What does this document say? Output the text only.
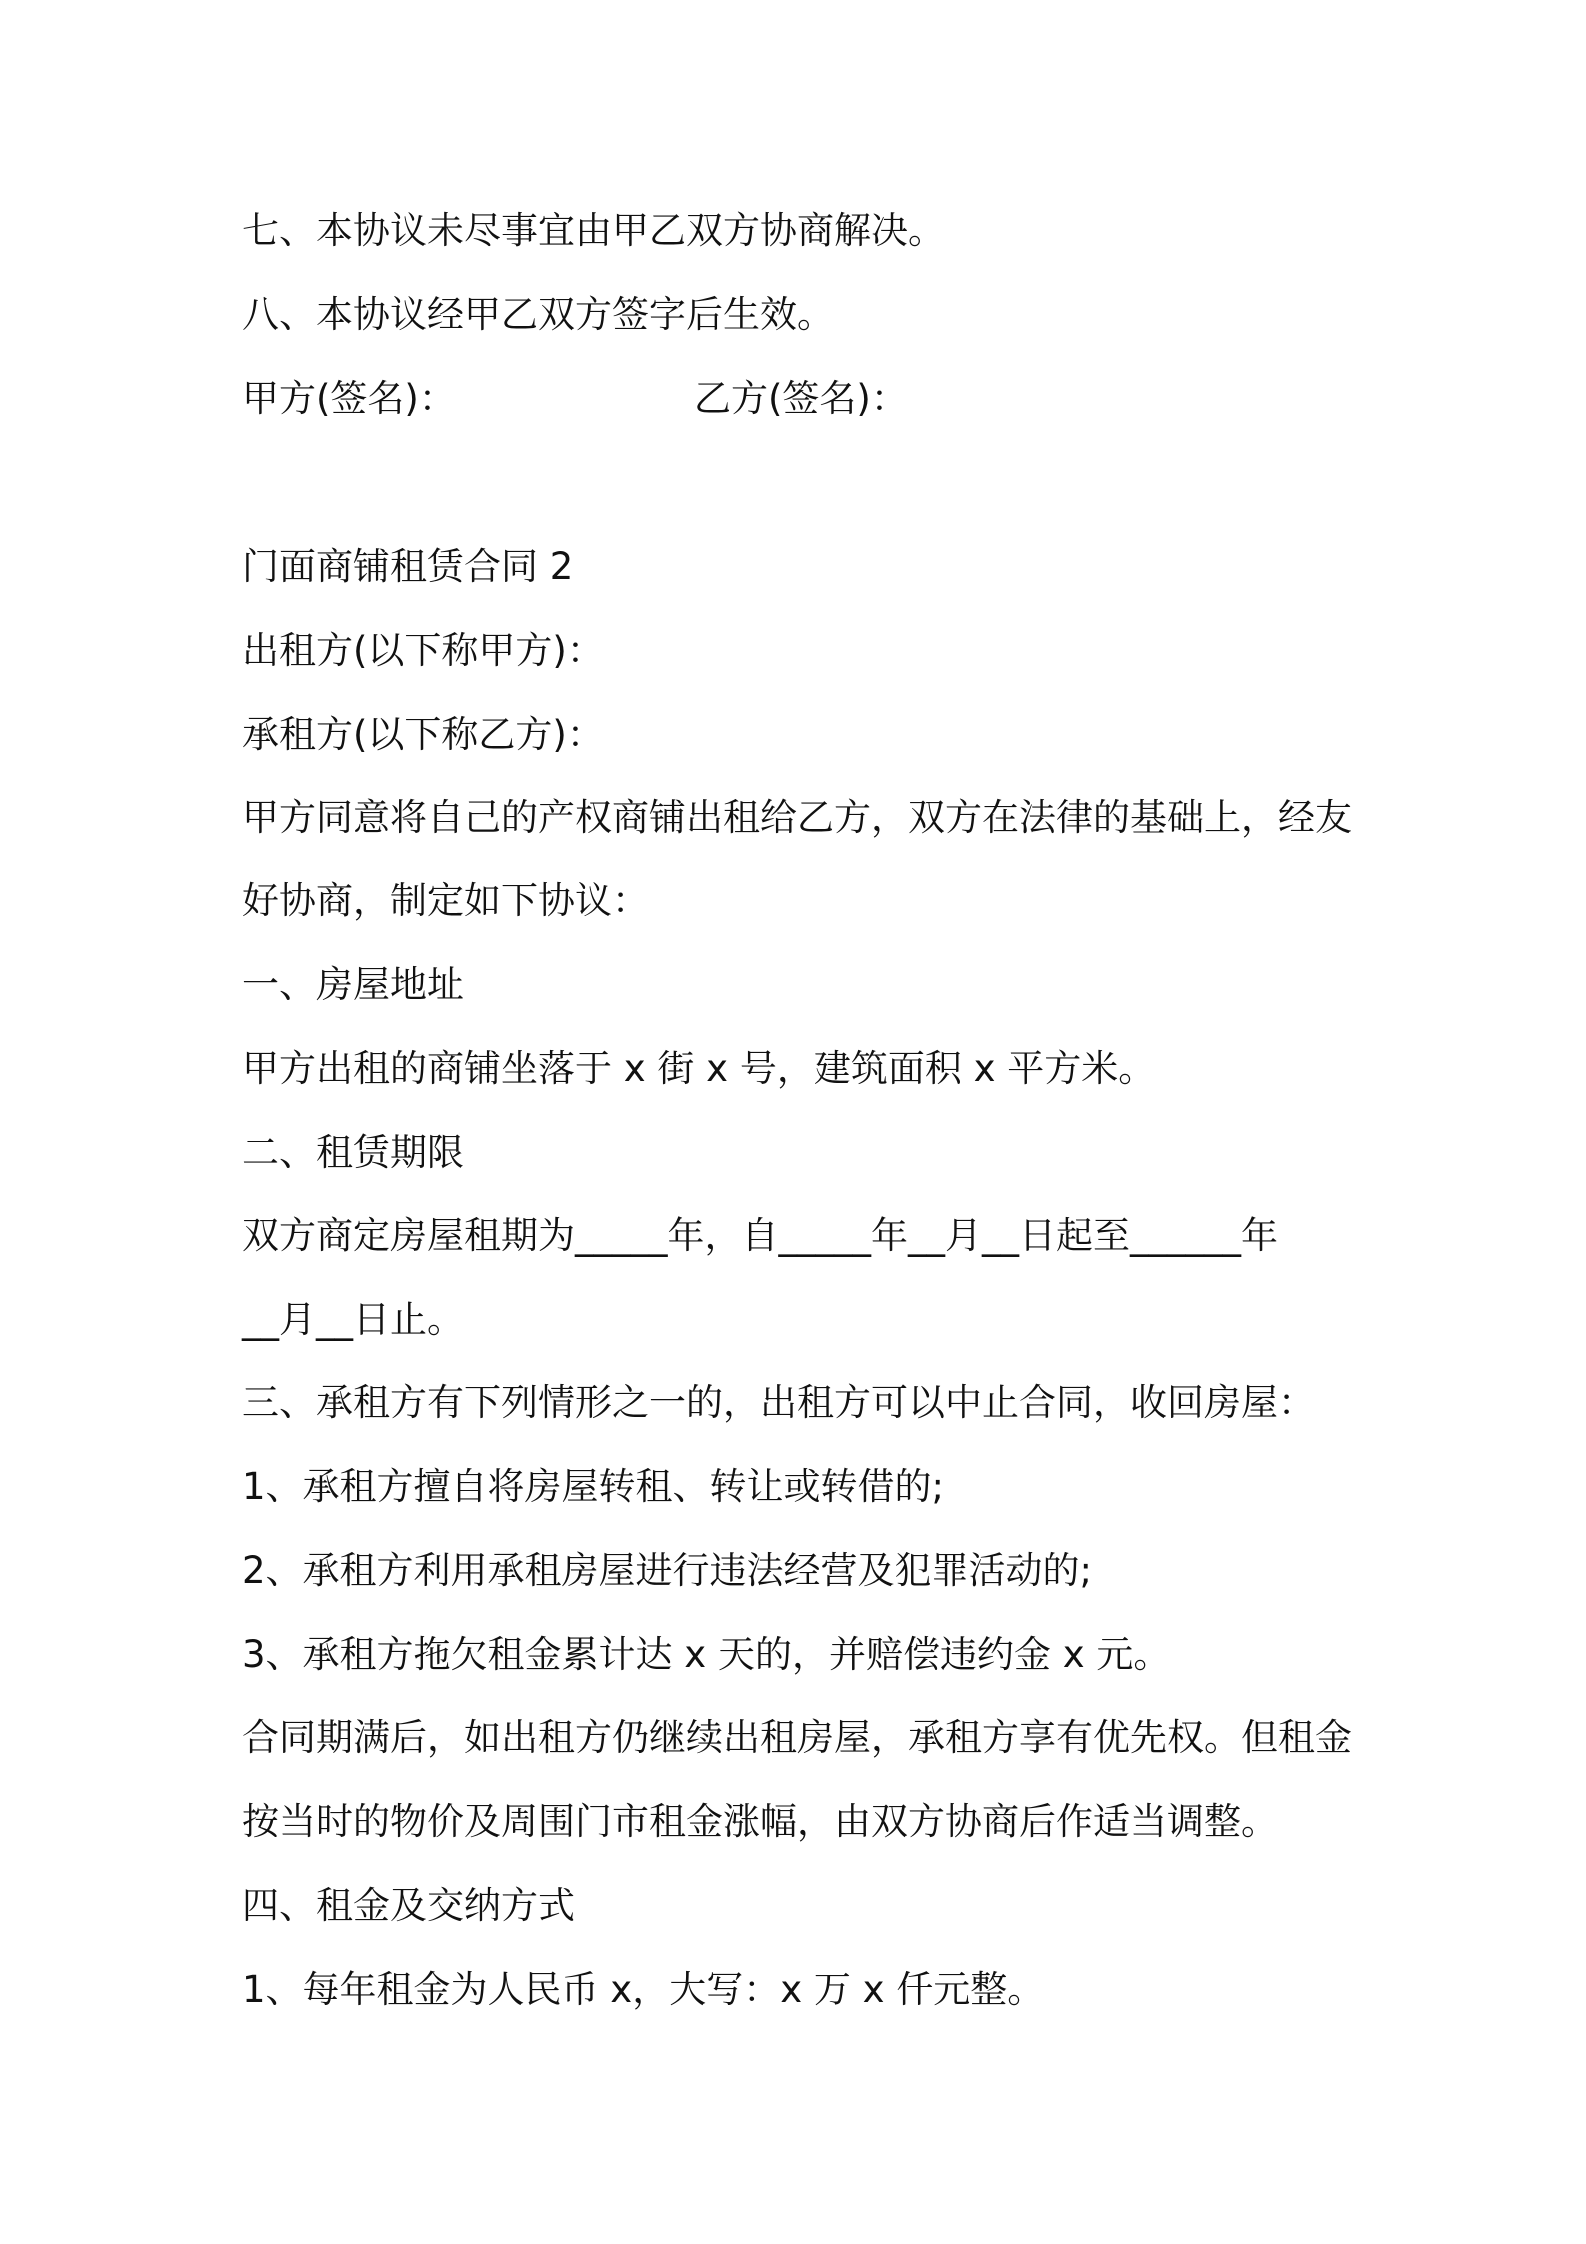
七、本协议未尽事宜由甲乙双方协商解决。
八、本协议经甲乙双方签字后生效。
甲方(签名)：	乙方(签名)：
门面商铺租赁合同 2
出租方(以下称甲方)：
承租方(以下称乙方)：
甲方同意将自己的产权商铺出租给乙方，双方在法律的基础上，经友
好协商，制定如下协议：
一、房屋地址
甲方出租的商铺坐落于 x 街 x 号，建筑面积 x 平方米。
二、租赁期限
双方商定房屋租期为_____年，自_____年__月__日起至______年
__月__日止。
三、承租方有下列情形之一的，出租方可以中止合同，收回房屋：
1、承租方擅自将房屋转租、转让或转借的;
2、承租方利用承租房屋进行违法经营及犯罪活动的;
3、承租方拖欠租金累计达 x 天的，并赔偿违约金 x 元。
合同期满后，如出租方仍继续出租房屋，承租方享有优先权。但租金
按当时的物价及周围门市租金涨幅，由双方协商后作适当调整。
四、租金及交纳方式
1、每年租金为人民币 x，大写：x 万 x 仟元整。
